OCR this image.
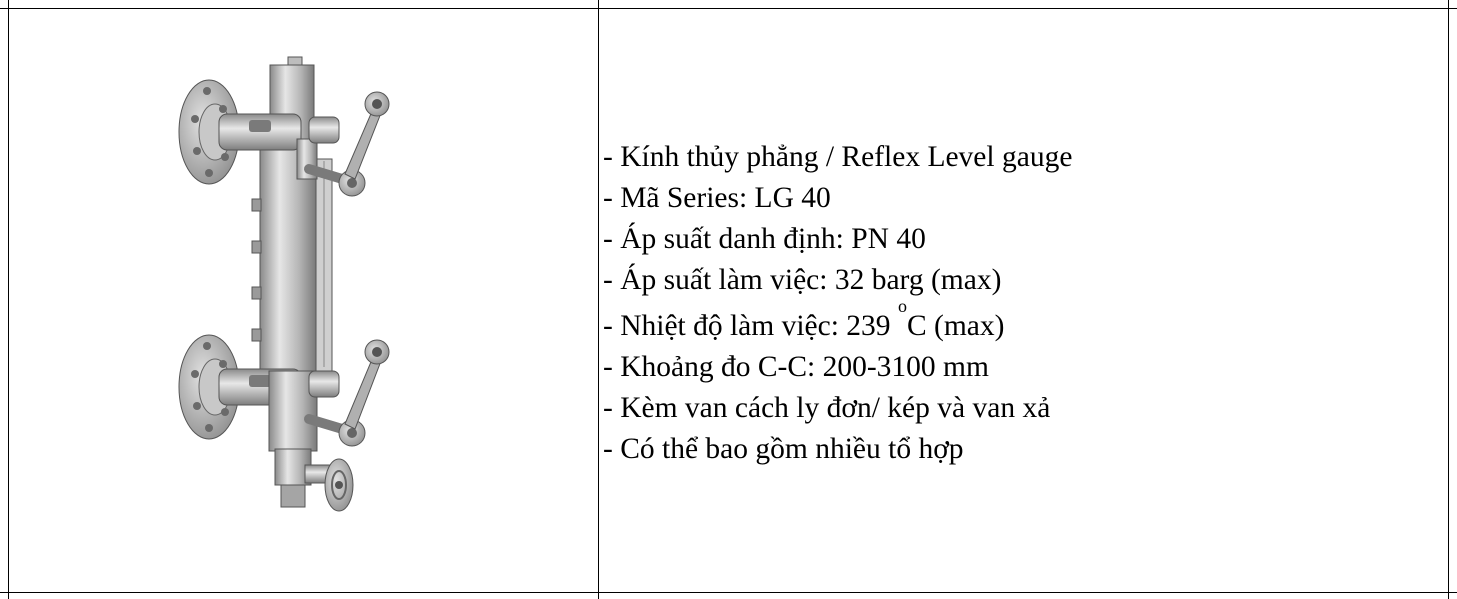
- Kính thủy phẳng / Reflex Level gauge
- Mã Series: LG 40
- Áp suất danh định: PN 40
- Áp suất làm việc: 32 barg (max)
- Nhiệt độ làm việc: 239 $^o$C (max)
- Khoảng đo C-C: 200-3100 mm
- Kèm van cách ly đơn/ kép và van xả
- Có thể bao gồm nhiều tổ hợp
